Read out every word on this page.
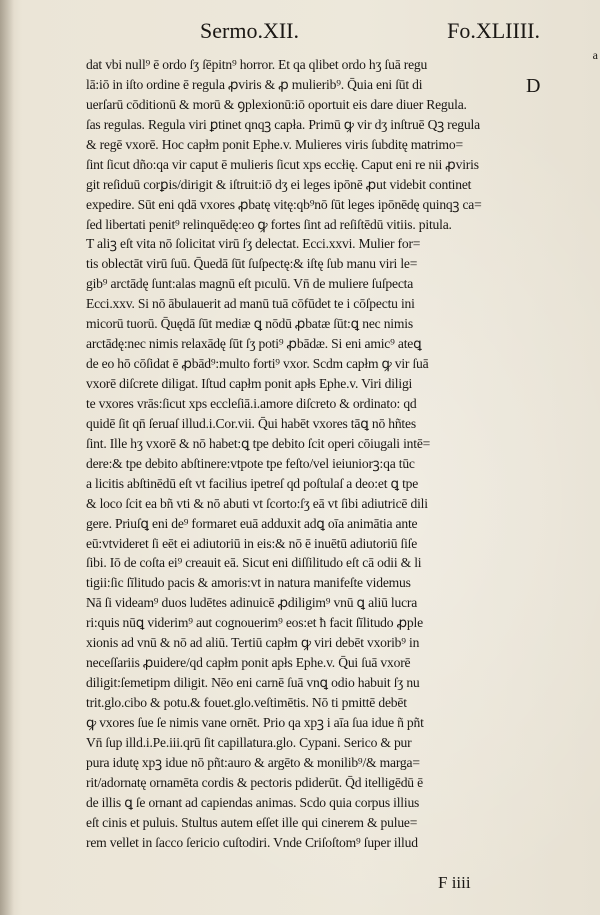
Sermo.XII.	Fo.XLIIII.
a
D
dat vbi null⁹ ē ordo ſʒ ſēpitn⁹ horror. Et qa qlibet ordo hʒ ſuā regu
lā:iō in iſto ordine ē regula ꝓviris & ꝓ mulierib⁹. Q̄uia eni ſūt di
uerſarū cōditionū & morū & ꝯplexionū:iō oportuit eis dare diuer Regula.
ſas regulas. Regula viri ꝑtinet qnqꝫ capła. Primū ꝙ vir dʒ inſtruē Qꝫ regula
& regē vxorē. Hoc capłm ponit Ephe.v. Mulieres viris ſubditę matrimo=
ſint ſicut dño:qa vir caput ē mulieris ſicut xps eccłię. Caput eni re nii ꝓviris
git reſiduū corꝑis/dirigit & iſtruit:iō dʒ ei leges ipōnē ꝓut videbit continet
expedire. Sūt eni qdā vxores ꝓbatę vitę:qb⁹nō ſūt leges ipōnēdę quinqꝫ ca=
ſed libertati penit⁹ relinquēdę:eo ꝙ fortes ſint ad reſiſtēdū vitiis. pitula.
T aliꝫ eſt vita nō ſolicitat virū ſʒ delectat. Ecci.xxvi. Mulier for=
tis oblectāt virū ſuū. Q̄uedā ſūt ſuſpectę:& iſtę ſub manu viri le=
gib⁹ arctādę ſunt:alas magnū eſt pıculū. Vn̄ de muliere ſuſpecta
Ecci.xxv. Si nō ābulauerit ad manū tuā cōfūdet te i cōſpectu ini
micorū tuorū. Q̄uędā ſūt mediæ ꝗ nōdū ꝓbatæ ſūt:ꝗ nec nimis
arctādę:nec nimis relaxādę ſūt ſʒ poti⁹ ꝓbādæ. Si eni amic⁹ ateꝗ
de eo hō cōſidat ē ꝓbād⁹:multo forti⁹ vxor. Scdm capłm ꝙ vir ſuā
vxorē diſcrete diligat. Iſtud capłm ponit apłs Ephe.v. Viri diligi
te vxores vrās:ſicut xps eccleſiā.i.amore diſcreto & ordinato: qd
quidē ſit qn̄ ſeruaſ illud.i.Cor.vii. Q̄ui habēt vxores tāꝗ nō hñtes
ſint. Ille hʒ vxorē & nō habet:ꝗ tpe debito ſcit operi cōiugali intē=
dere:& tpe debito abſtinere:vtpote tpe feſto/vel ieiuniorꝫ:qa tūc
a licitis abſtinēdū eſt vt facilius ipetreſ qd poſtulaſ a deo:et ꝗ tpe
& loco ſcit ea bñ vti & nō abuti vt ſcorto:ſʒ eā vt ſibi adiutricē dili
gere. Priuſꝗ eni de⁹ formaret euā adduxit adꝗ oīa animātia ante
eū:vtvideret ſi eēt ei adiutoriū in eis:& nō ē inuētū adiutoriū ſiſe
ſibi. Iō de coſta ei⁹ creauit eā. Sicut eni diſſilitudo eſt cā odii & li
tigii:ſic ſīlitudo pacis & amoris:vt in natura manifeſte videmus
Nā ſi videam⁹ duos ludētes adinuicē ꝓdiligim⁹ vnū ꝗ aliū lucra
ri:quis nūꝗ viderim⁹ aut cognouerim⁹ eos:et ħ facit ſīlitudo ꝓple
xionis ad vnū & nō ad aliū. Tertiū capłm ꝙ viri debēt vxorib⁹ in
neceſſariis ꝓuidere/qd capłm ponit apłs Ephe.v. Q̄ui ſuā vxorē
diligit:ſemetipm diligit. Nēo eni carnē ſuā vnꝗ odio habuit ſʒ nu
trit.glo.cibo & potu.& fouet.glo.veſtimētis. Nō ti pmittē debēt
ꝙ vxores ſue ſe nimis vane ornēt. Prio qa xpꝫ i aīa ſua idue ñ pñt
Vn̄ ſup illd.i.Pe.iii.qrū ſit capillatura.glo. Cypani. Serico & pur
pura idutę xpꝫ idue nō pñt:auro & argēto & monilib⁹/& marga=
rit/adornatę ornamēta cordis & pectoris pdiderūt. Q̄d itelligēdū ē
de illis ꝗ ſe ornant ad capiendas animas. Scdo quia corpus illius
eſt cinis et puluis. Stultus autem eſſet ille qui cinerem & pulue=
rem vellet in ſacco ſericio cuſtodiri. Vnde Criſoſtom⁹ ſuper illud
F iiii
